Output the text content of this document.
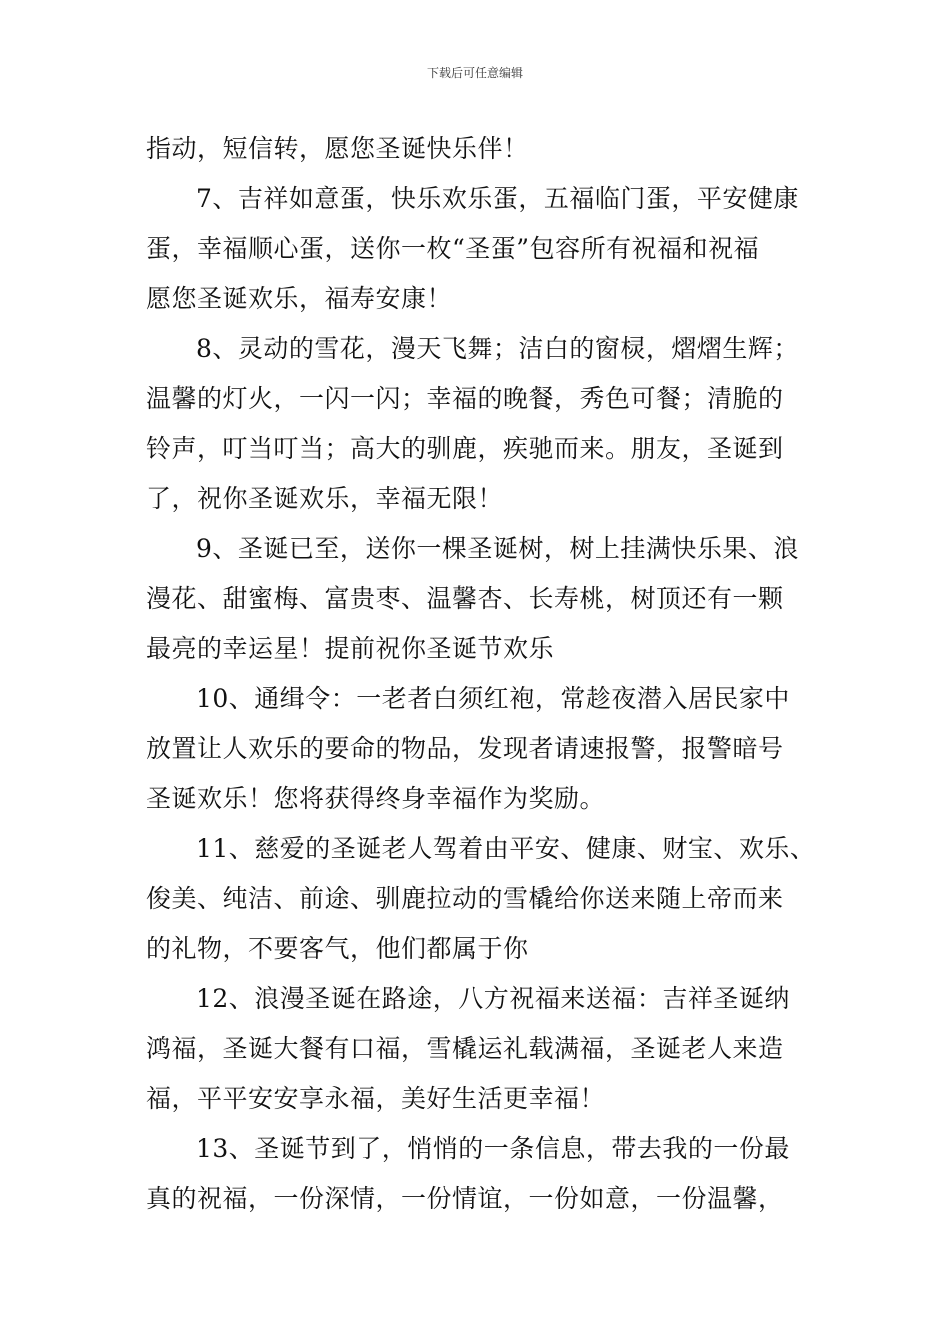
下载后可任意编辑
指动，短信转，愿您圣诞快乐伴！
7、吉祥如意蛋，快乐欢乐蛋，五福临门蛋，平安健康
蛋，幸福顺心蛋，送你一枚“圣蛋”包容所有祝福和祝福
愿您圣诞欢乐，福寿安康！
8、灵动的雪花，漫天飞舞；洁白的窗棂，熠熠生辉；
温馨的灯火，一闪一闪；幸福的晚餐，秀色可餐；清脆的
铃声，叮当叮当；高大的驯鹿，疾驰而来。朋友，圣诞到
了，祝你圣诞欢乐，幸福无限！
9、圣诞已至，送你一棵圣诞树，树上挂满快乐果、浪
漫花、甜蜜梅、富贵枣、温馨杏、长寿桃，树顶还有一颗
最亮的幸运星！提前祝你圣诞节欢乐
10、通缉令：一老者白须红袍，常趁夜潜入居民家中
放置让人欢乐的要命的物品，发现者请速报警，报警暗号
圣诞欢乐！您将获得终身幸福作为奖励。
11、慈爱的圣诞老人驾着由平安、健康、财宝、欢乐、
俊美、纯洁、前途、驯鹿拉动的雪橇给你送来随上帝而来
的礼物，不要客气，他们都属于你
12、浪漫圣诞在路途，八方祝福来送福：吉祥圣诞纳
鸿福，圣诞大餐有口福，雪橇运礼载满福，圣诞老人来造
福，平平安安享永福，美好生活更幸福！
13、圣诞节到了，悄悄的一条信息，带去我的一份最
真的祝福，一份深情，一份情谊，一份如意，一份温馨，
